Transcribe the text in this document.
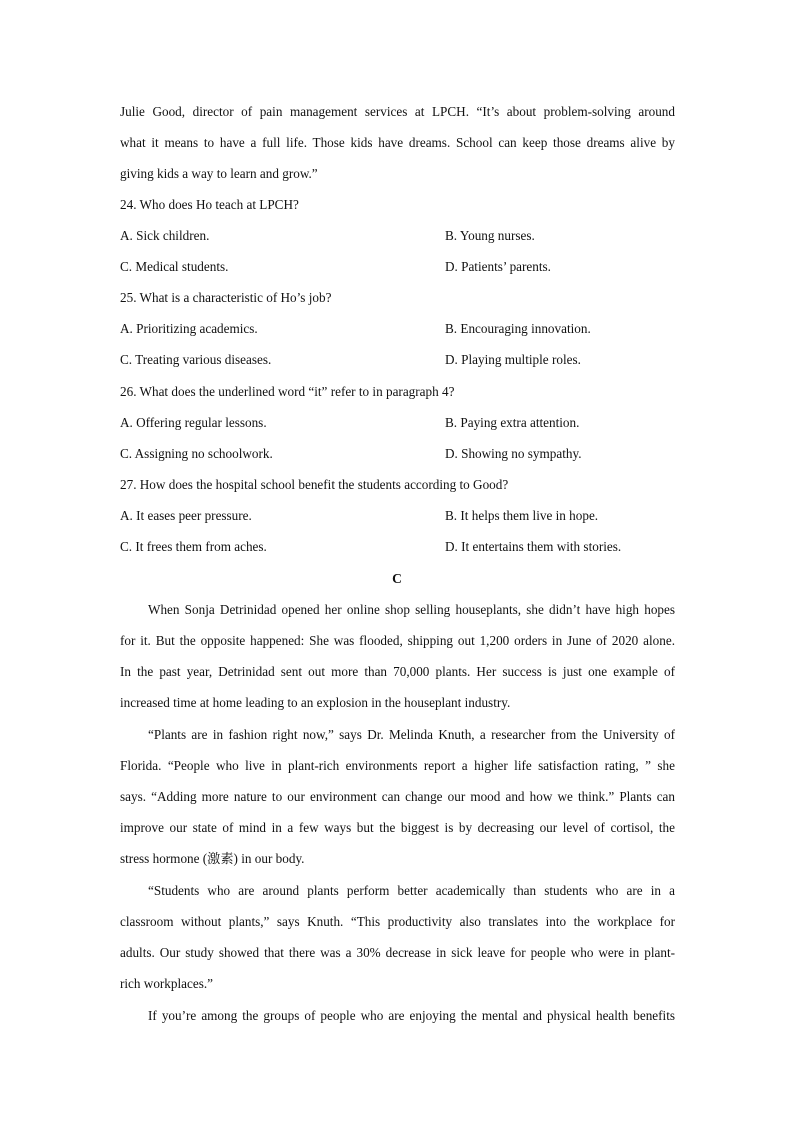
Julie Good, director of pain management services at LPCH. “It’s about problem-solving around
what it means to have a full life. Those kids have dreams. School can keep those dreams alive by
giving kids a way to learn and grow.”
24. Who does Ho teach at LPCH?
A. Sick children.	B. Young nurses.
C. Medical students.	D. Patients’ parents.
25. What is a characteristic of Ho’s job?
A. Prioritizing academics.	B. Encouraging innovation.
C. Treating various diseases.	D. Playing multiple roles.
26. What does the underlined word “it” refer to in paragraph 4?
A. Offering regular lessons.	B. Paying extra attention.
C. Assigning no schoolwork.	D. Showing no sympathy.
27. How does the hospital school benefit the students according to Good?
A. It eases peer pressure.	B. It helps them live in hope.
C. It frees them from aches.	D. It entertains them with stories.
C
When Sonja Detrinidad opened her online shop selling houseplants, she didn’t have high hopes
for it. But the opposite happened: She was flooded, shipping out 1,200 orders in June of 2020 alone.
In the past year, Detrinidad sent out more than 70,000 plants. Her success is just one example of
increased time at home leading to an explosion in the houseplant industry.
“Plants are in fashion right now,” says Dr. Melinda Knuth, a researcher from the University of
Florida. “People who live in plant-rich environments report a higher life satisfaction rating, ” she
says. “Adding more nature to our environment can change our mood and how we think.” Plants can
improve our state of mind in a few ways but the biggest is by decreasing our level of cortisol, the
stress hormone (激素) in our body.
“Students who are around plants perform better academically than students who are in a
classroom without plants,” says Knuth. “This productivity also translates into the workplace for
adults. Our study showed that there was a 30% decrease in sick leave for people who were in plant-
rich workplaces.”
If you’re among the groups of people who are enjoying the mental and physical health benefits
